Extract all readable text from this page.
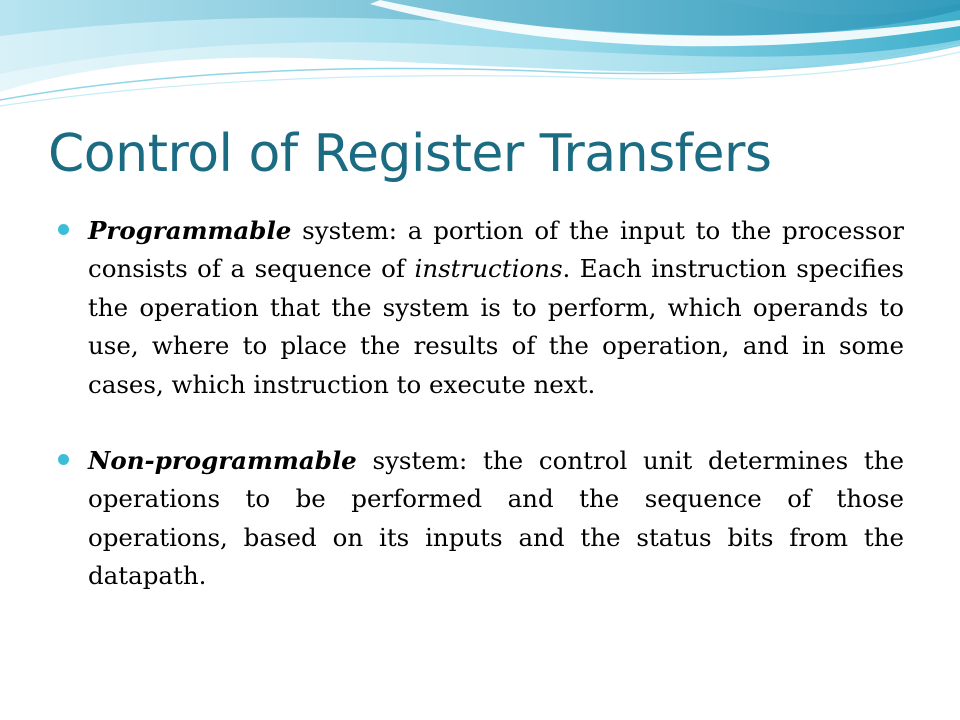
Control of Register Transfers

Programmable system: a portion of the input to the processor consists of a sequence of instructions. Each instruction specifies the operation that the system is to perform, which operands to use, where to place the results of the operation, and in some cases, which instruction to execute next.

Non-programmable system: the control unit determines the operations to be performed and the sequence of those operations, based on its inputs and the status bits from the datapath.
